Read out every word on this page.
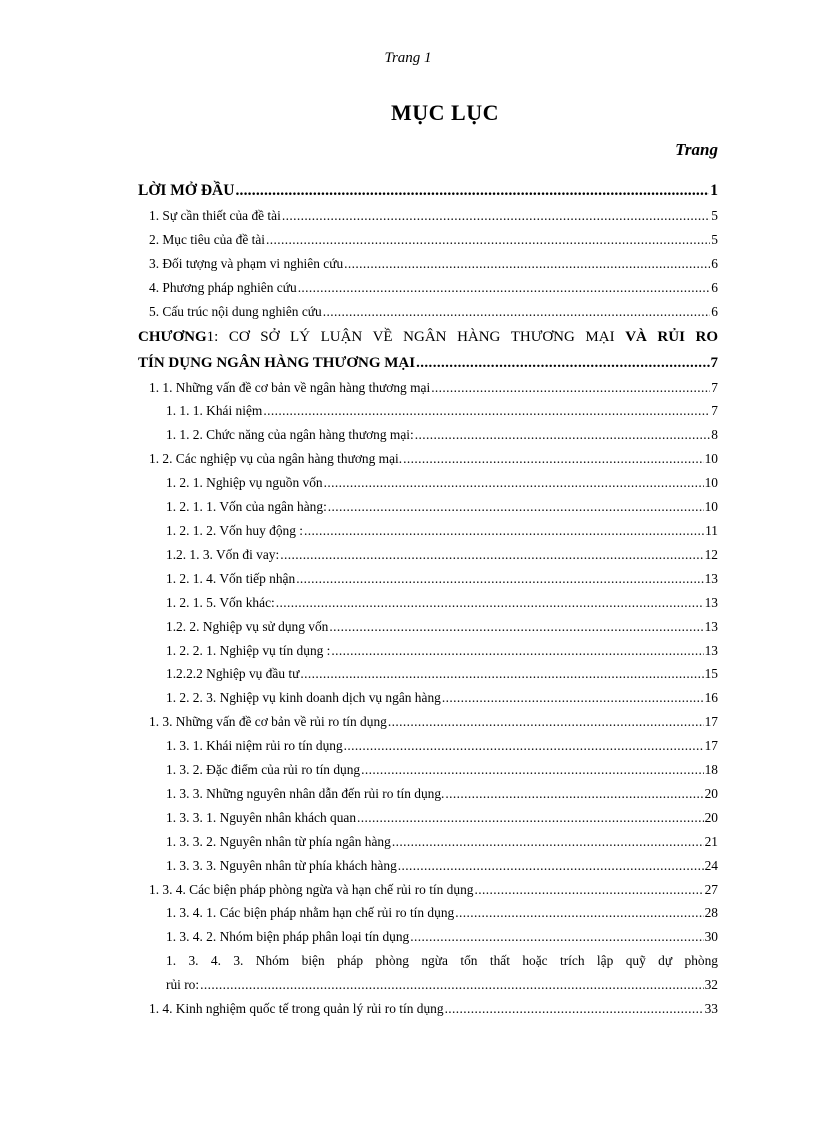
Trang 1
MỤC LỤC
Trang
LỜI MỞ ĐẦU .....	1
1. Sự cần thiết của đề tài .....	5
2. Mục tiêu của đề tài .....	5
3. Đối tượng và phạm vi nghiên cứu .....	6
4. Phương pháp nghiên cứu .....	6
5. Cấu trúc nội dung nghiên cứu .....	6
CHƯƠNG1: CƠ SỞ LÝ LUẬN VỀ NGÂN HÀNG THƯƠNG MẠI VÀ RỦI RO
TÍN DỤNG NGÂN HÀNG THƯƠNG MẠI .....	7
1. 1. Những vấn đề cơ bản về ngân hàng thương mại .....	7
1. 1. 1. Khái niệm .....	7
1. 1. 2. Chức năng của ngân hàng thương mại: .....	8
1. 2. Các nghiệp vụ của ngân hàng thương mại. .....	10
1. 2. 1. Nghiệp vụ nguồn vốn .....	10
1. 2. 1. 1. Vốn của ngân hàng: .....	10
1. 2. 1. 2. Vốn huy động : .....	11
1.2. 1. 3. Vốn đi vay: .....	12
1. 2. 1. 4. Vốn tiếp nhận .....	13
1. 2. 1. 5. Vốn khác: .....	13
1.2. 2. Nghiệp vụ sử dụng vốn .....	13
1. 2. 2. 1. Nghiệp vụ tín dụng : .....	13
1.2.2.2 Nghiệp vụ đầu tư .....	15
1. 2. 2. 3. Nghiệp vụ kinh doanh dịch vụ ngân hàng .....	16
1. 3. Những vấn đề cơ bản về rủi ro tín dụng .....	17
1. 3. 1. Khái niệm rủi ro tín dụng .....	17
1. 3. 2. Đặc điểm của rủi ro tín dụng .....	18
1. 3. 3. Những nguyên nhân dẫn đến rủi ro tín dụng. .....	20
1. 3. 3. 1. Nguyên nhân khách quan .....	20
1. 3. 3. 2. Nguyên nhân từ phía ngân hàng .....	21
1. 3. 3. 3. Nguyên nhân từ phía khách hàng .....	24
1. 3. 4. Các biện pháp phòng ngừa và hạn chế rủi ro tín dụng .....	27
1. 3. 4. 1. Các biện pháp nhằm hạn chế rủi ro tín dụng .....	28
1. 3. 4. 2. Nhóm biện pháp phân loại tín dụng .....	30
1. 3. 4. 3. Nhóm biện pháp phòng ngừa tổn thất hoặc trích lập quỹ dự phòng
rủi ro: .....	32
1. 4. Kinh nghiệm quốc tế trong quản lý rủi ro tín dụng .....	33
